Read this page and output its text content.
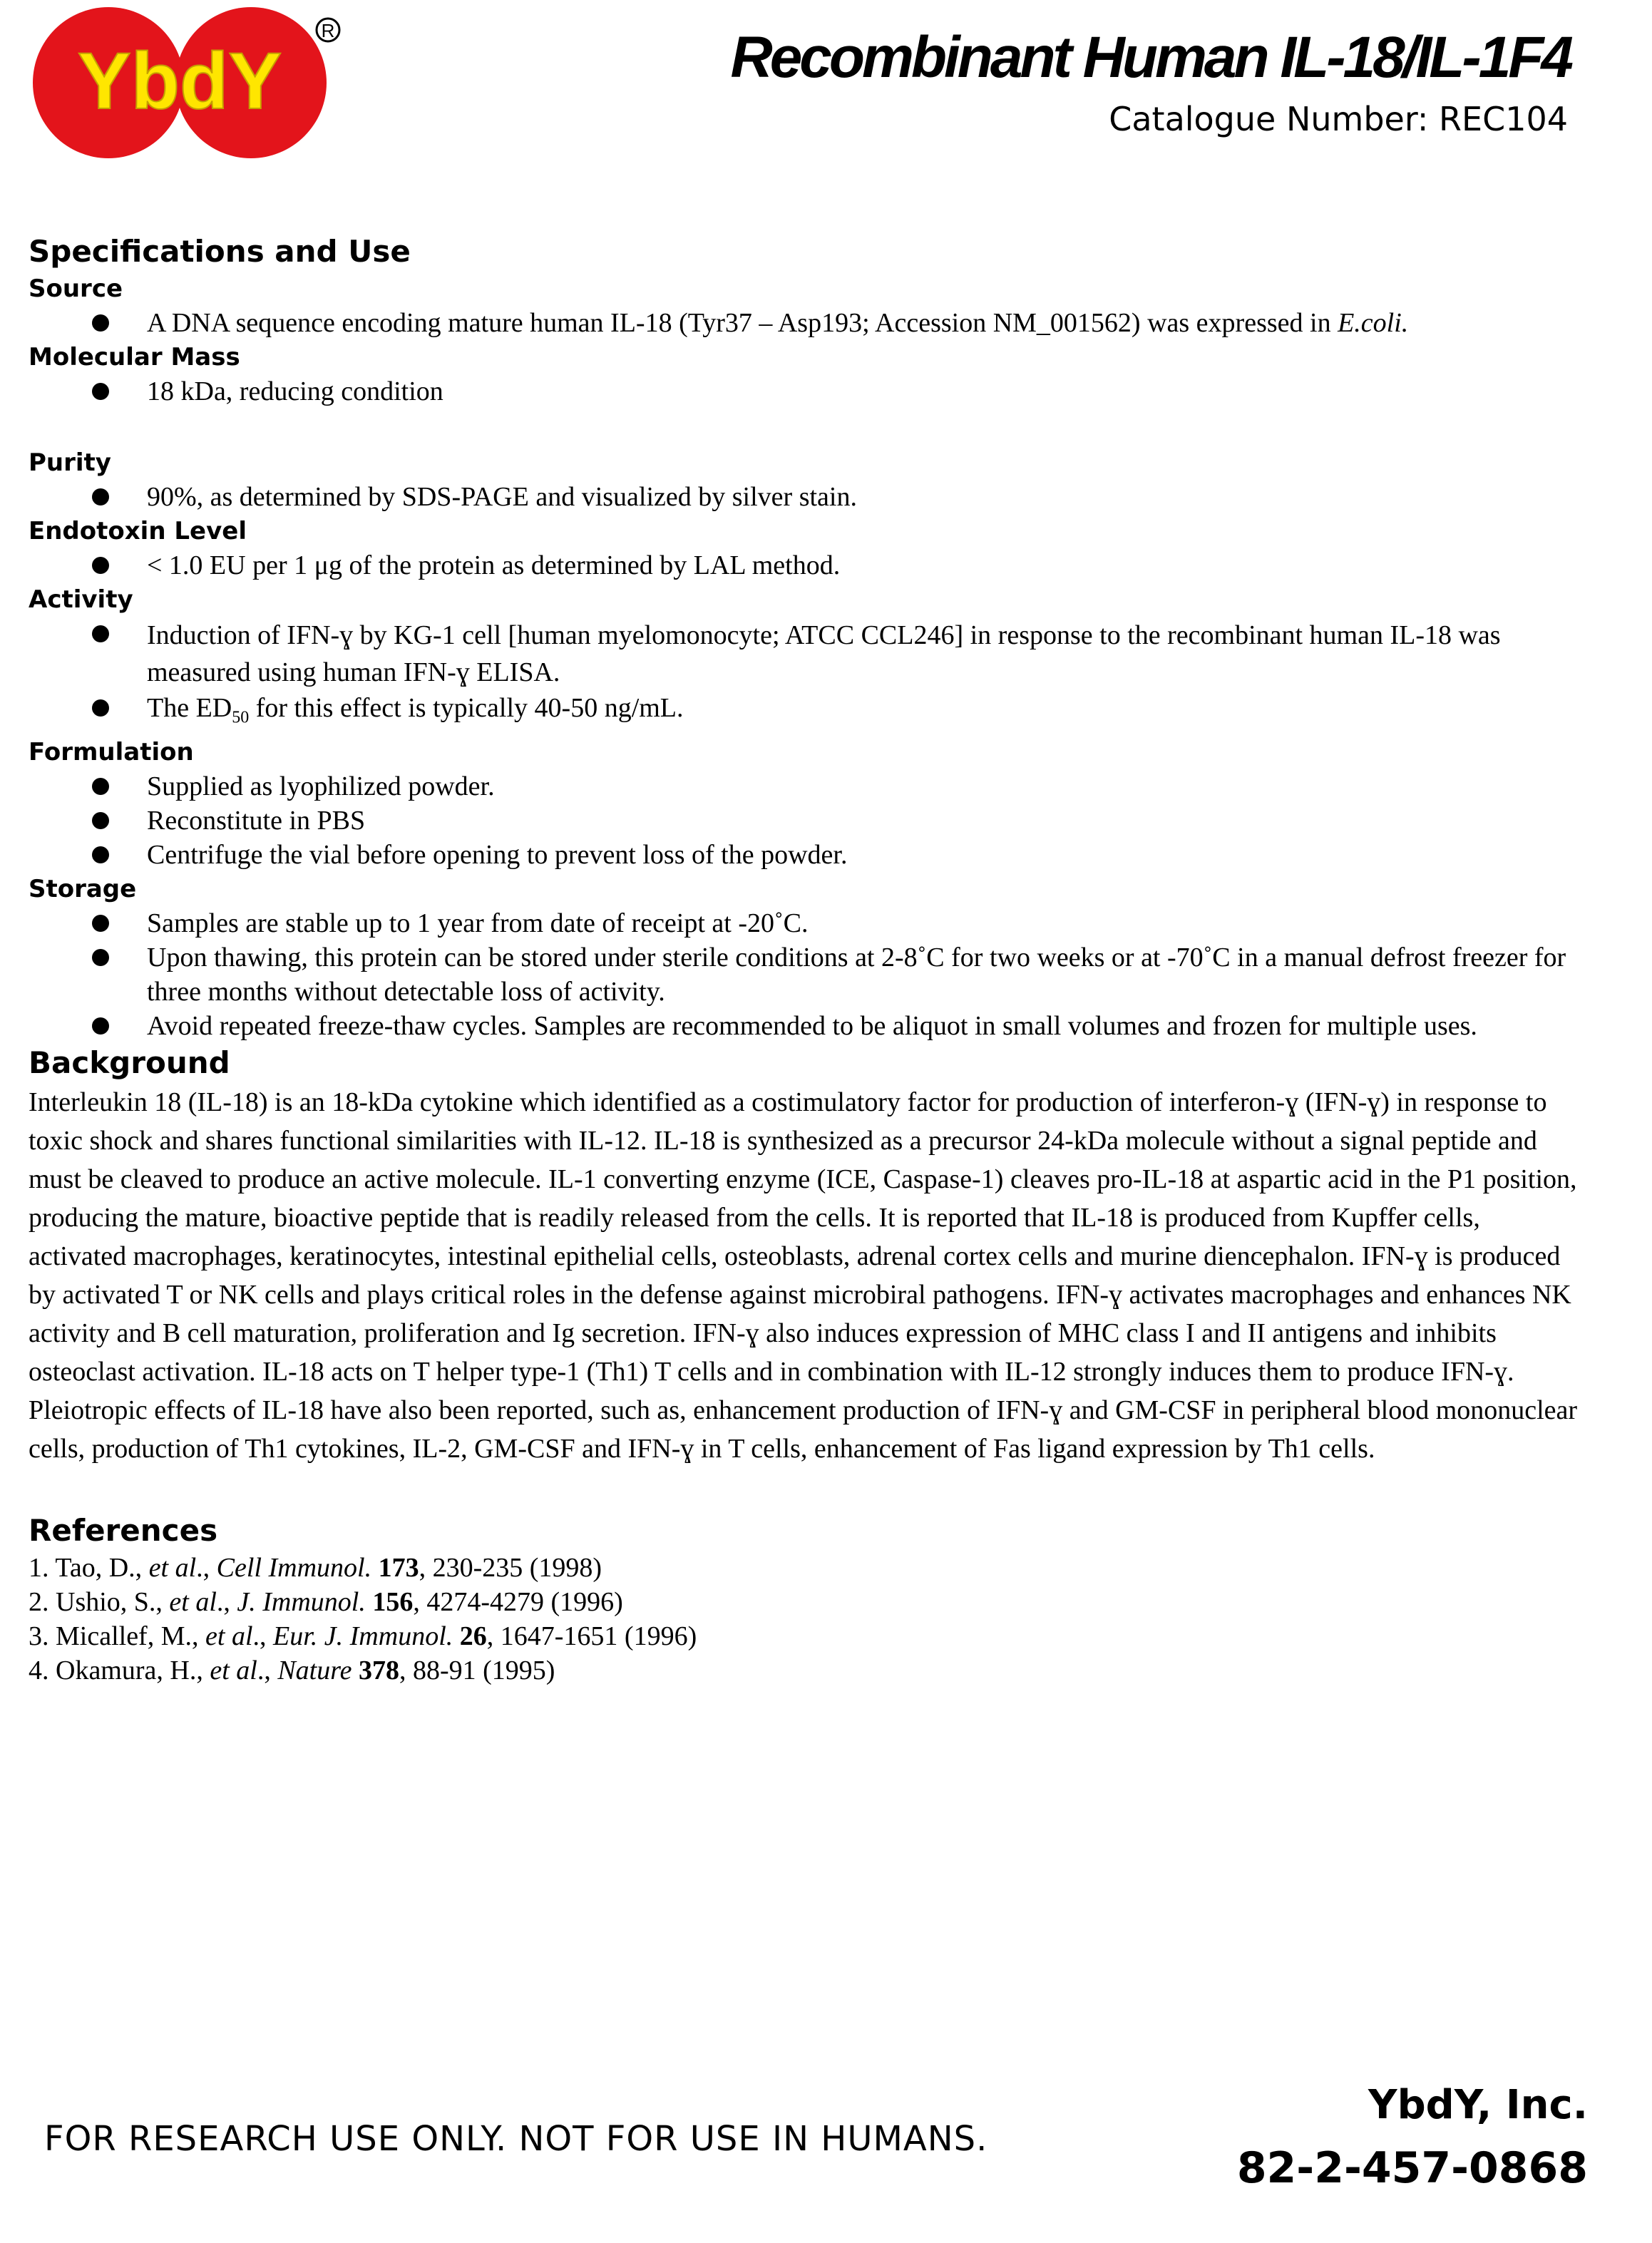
YbdY
R	Recombinant Human IL-18/IL-1F4

Catalogue Number: REC104

Specifications and Use
Source
A DNA sequence encoding mature human IL-18 (Tyr37 – Asp193; Accession NM_001562) was expressed in E.coli.
Molecular Mass
18 kDa, reducing condition
Purity
90%, as determined by SDS-PAGE and visualized by silver stain.
Endotoxin Level
< 1.0 EU per 1 μg of the protein as determined by LAL method.
Activity
Induction of IFN-ɣ by KG-1 cell [human myelomonocyte; ATCC CCL246] in response to the recombinant human IL-18 was measured using human IFN-ɣ ELISA.
The $ED_{50}$ for this effect is typically 40-50 ng/mL.
Formulation
Supplied as lyophilized powder.
Reconstitute in PBS
Centrifuge the vial before opening to prevent loss of the powder.
Storage
Samples are stable up to 1 year from date of receipt at -20˚C.
Upon thawing, this protein can be stored under sterile conditions at 2-8˚C for two weeks or at -70˚C in a manual defrost freezer for three months without detectable loss of activity.
Avoid repeated freeze-thaw cycles. Samples are recommended to be aliquot in small volumes and frozen for multiple uses.
Background

Interleukin 18 (IL-18) is an 18-kDa cytokine which identified as a costimulatory factor for production of interferon-ɣ (IFN-ɣ) in response to toxic shock and shares functional similarities with IL-12. IL-18 is synthesized as a precursor 24-kDa molecule without a signal peptide and must be cleaved to produce an active molecule. IL-1 converting enzyme (ICE, Caspase-1) cleaves pro-IL-18 at aspartic acid in the P1 position, producing the mature, bioactive peptide that is readily released from the cells. It is reported that IL-18 is produced from Kupffer cells, activated macrophages, keratinocytes, intestinal epithelial cells, osteoblasts, adrenal cortex cells and murine diencephalon. IFN-ɣ is produced by activated T or NK cells and plays critical roles in the defense against microbiral pathogens. IFN-ɣ activates macrophages and enhances NK activity and B cell maturation, proliferation and Ig secretion. IFN-ɣ also induces expression of MHC class I and II antigens and inhibits osteoclast activation. IL-18 acts on T helper type-1 (Th1) T cells and in combination with IL-12 strongly induces them to produce IFN-ɣ. Pleiotropic effects of IL-18 have also been reported, such as, enhancement production of IFN-ɣ and GM-CSF in peripheral blood mononuclear cells, production of Th1 cytokines, IL-2, GM-CSF and IFN-ɣ in T cells, enhancement of Fas ligand expression by Th1 cells.

References
1. Tao, D., et al., Cell Immunol. 173, 230-235 (1998)
2. Ushio, S., et al., J. Immunol. 156, 4274-4279 (1996)
3. Micallef, M., et al., Eur. J. Immunol. 26, 1647-1651 (1996)
4. Okamura, H., et al., Nature 378, 88-91 (1995)

FOR RESEARCH USE ONLY. NOT FOR USE IN HUMANS.

YbdY, Inc.

82-2-457-0868
